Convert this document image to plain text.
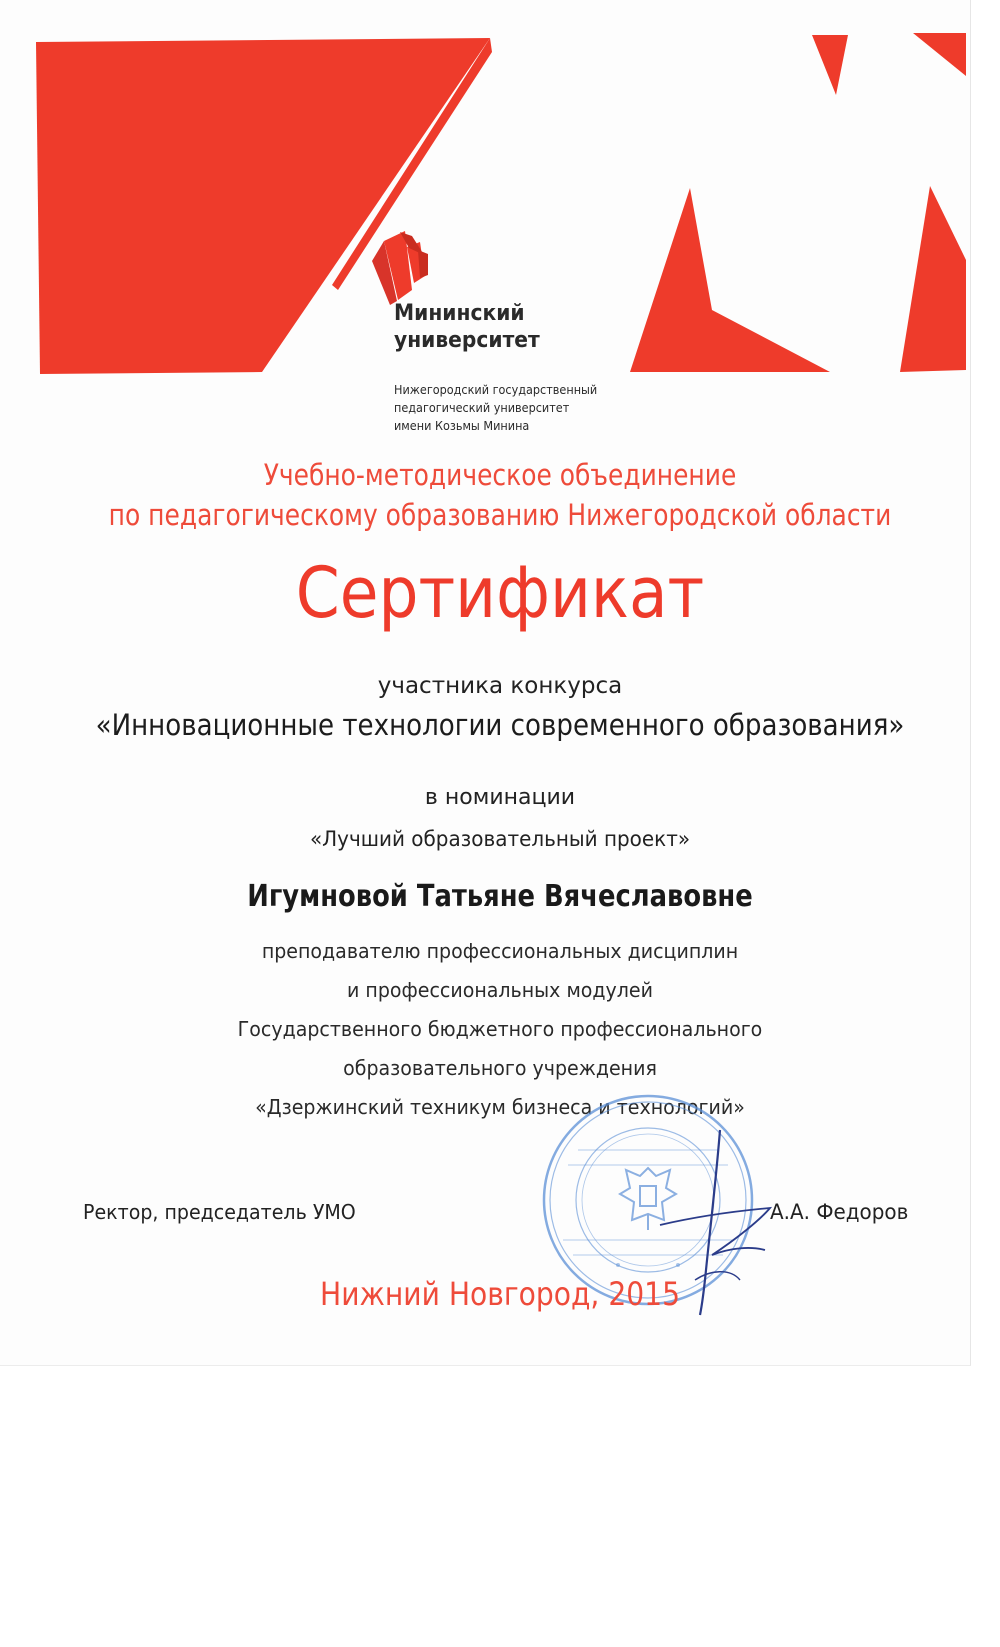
Мининский
университет
Нижегородский государственный
педагогический университет
имени Козьмы Минина

Учебно-методическое объединение

по педагогическому образованию Нижегородской области

Сертификат

участника конкурса

«Инновационные технологии современного образования»

в номинации

«Лучший образовательный проект»

Игумновой Татьяне Вячеславовне

преподавателю профессиональных дисциплин

и профессиональных модулей

Государственного бюджетного профессионального

образовательного учреждения

«Дзержинский техникум бизнеса и технологий»

Ректор, председатель УМО	А.А. Федоров

Нижний Новгород, 2015
